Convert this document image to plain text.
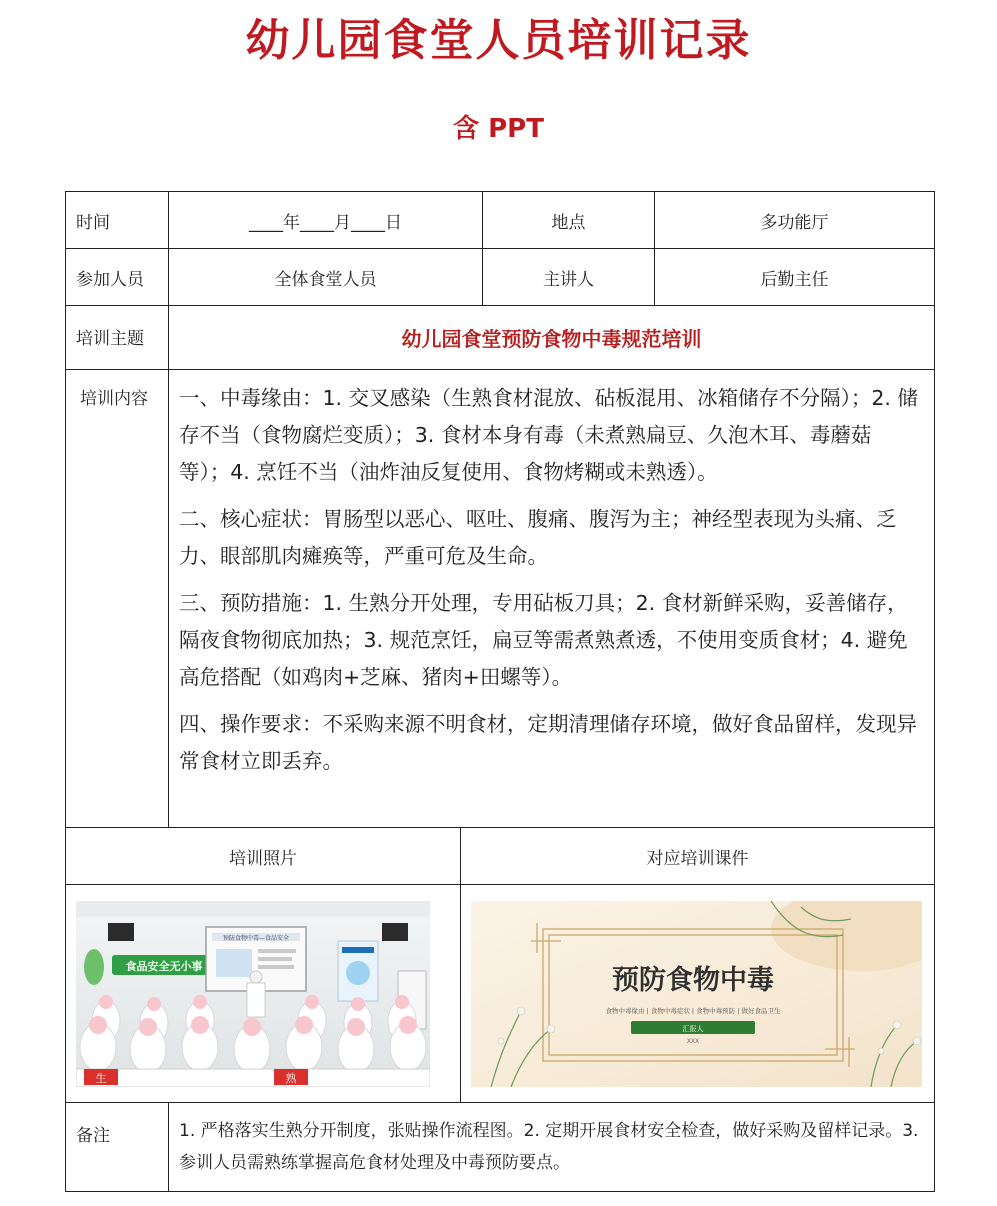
幼儿园食堂人员培训记录
含 PPT
时间	____年____月____日		地点	多功能厅
参加人员	全体食堂人员		主讲人	后勤主任
培训主题	幼儿园食堂预防食物中毒规范培训			
培训内容	一、中毒缘由：1. 交叉感染（生熟食材混放、砧板混用、冰箱储存不分隔）；2. 储存不当（食物腐烂变质）；3. 食材本身有毒（未煮熟扁豆、久泡木耳、毒蘑菇等）；4. 烹饪不当（油炸油反复使用、食物烤糊或未熟透）。

二、核心症状：胃肠型以恶心、呕吐、腹痛、腹泻为主；神经型表现为头痛、乏力、眼部肌肉瘫痪等，严重可危及生命。

三、预防措施：1. 生熟分开处理，专用砧板刀具；2. 食材新鲜采购，妥善储存，隔夜食物彻底加热；3. 规范烹饪，扁豆等需煮熟煮透，不使用变质食材；4. 避免高危搭配（如鸡肉+芝麻、猪肉+田螺等）。

四、操作要求：不采购来源不明食材，定期清理储存环境，做好食品留样，发现异常食材立即丢弃。			

培训照片		对应培训课件		

食品安全无小事
预防食物中毒—食品安全
生 熟		预防食物中毒
食物中毒缘由 | 食物中毒症状 | 食物中毒预防 | 做好食品卫生
汇报人
XXX		

备注	1. 严格落实生熟分开制度，张贴操作流程图。2. 定期开展食材安全检查，做好采购及留样记录。3. 参训人员需熟练掌握高危食材处理及中毒预防要点。			
